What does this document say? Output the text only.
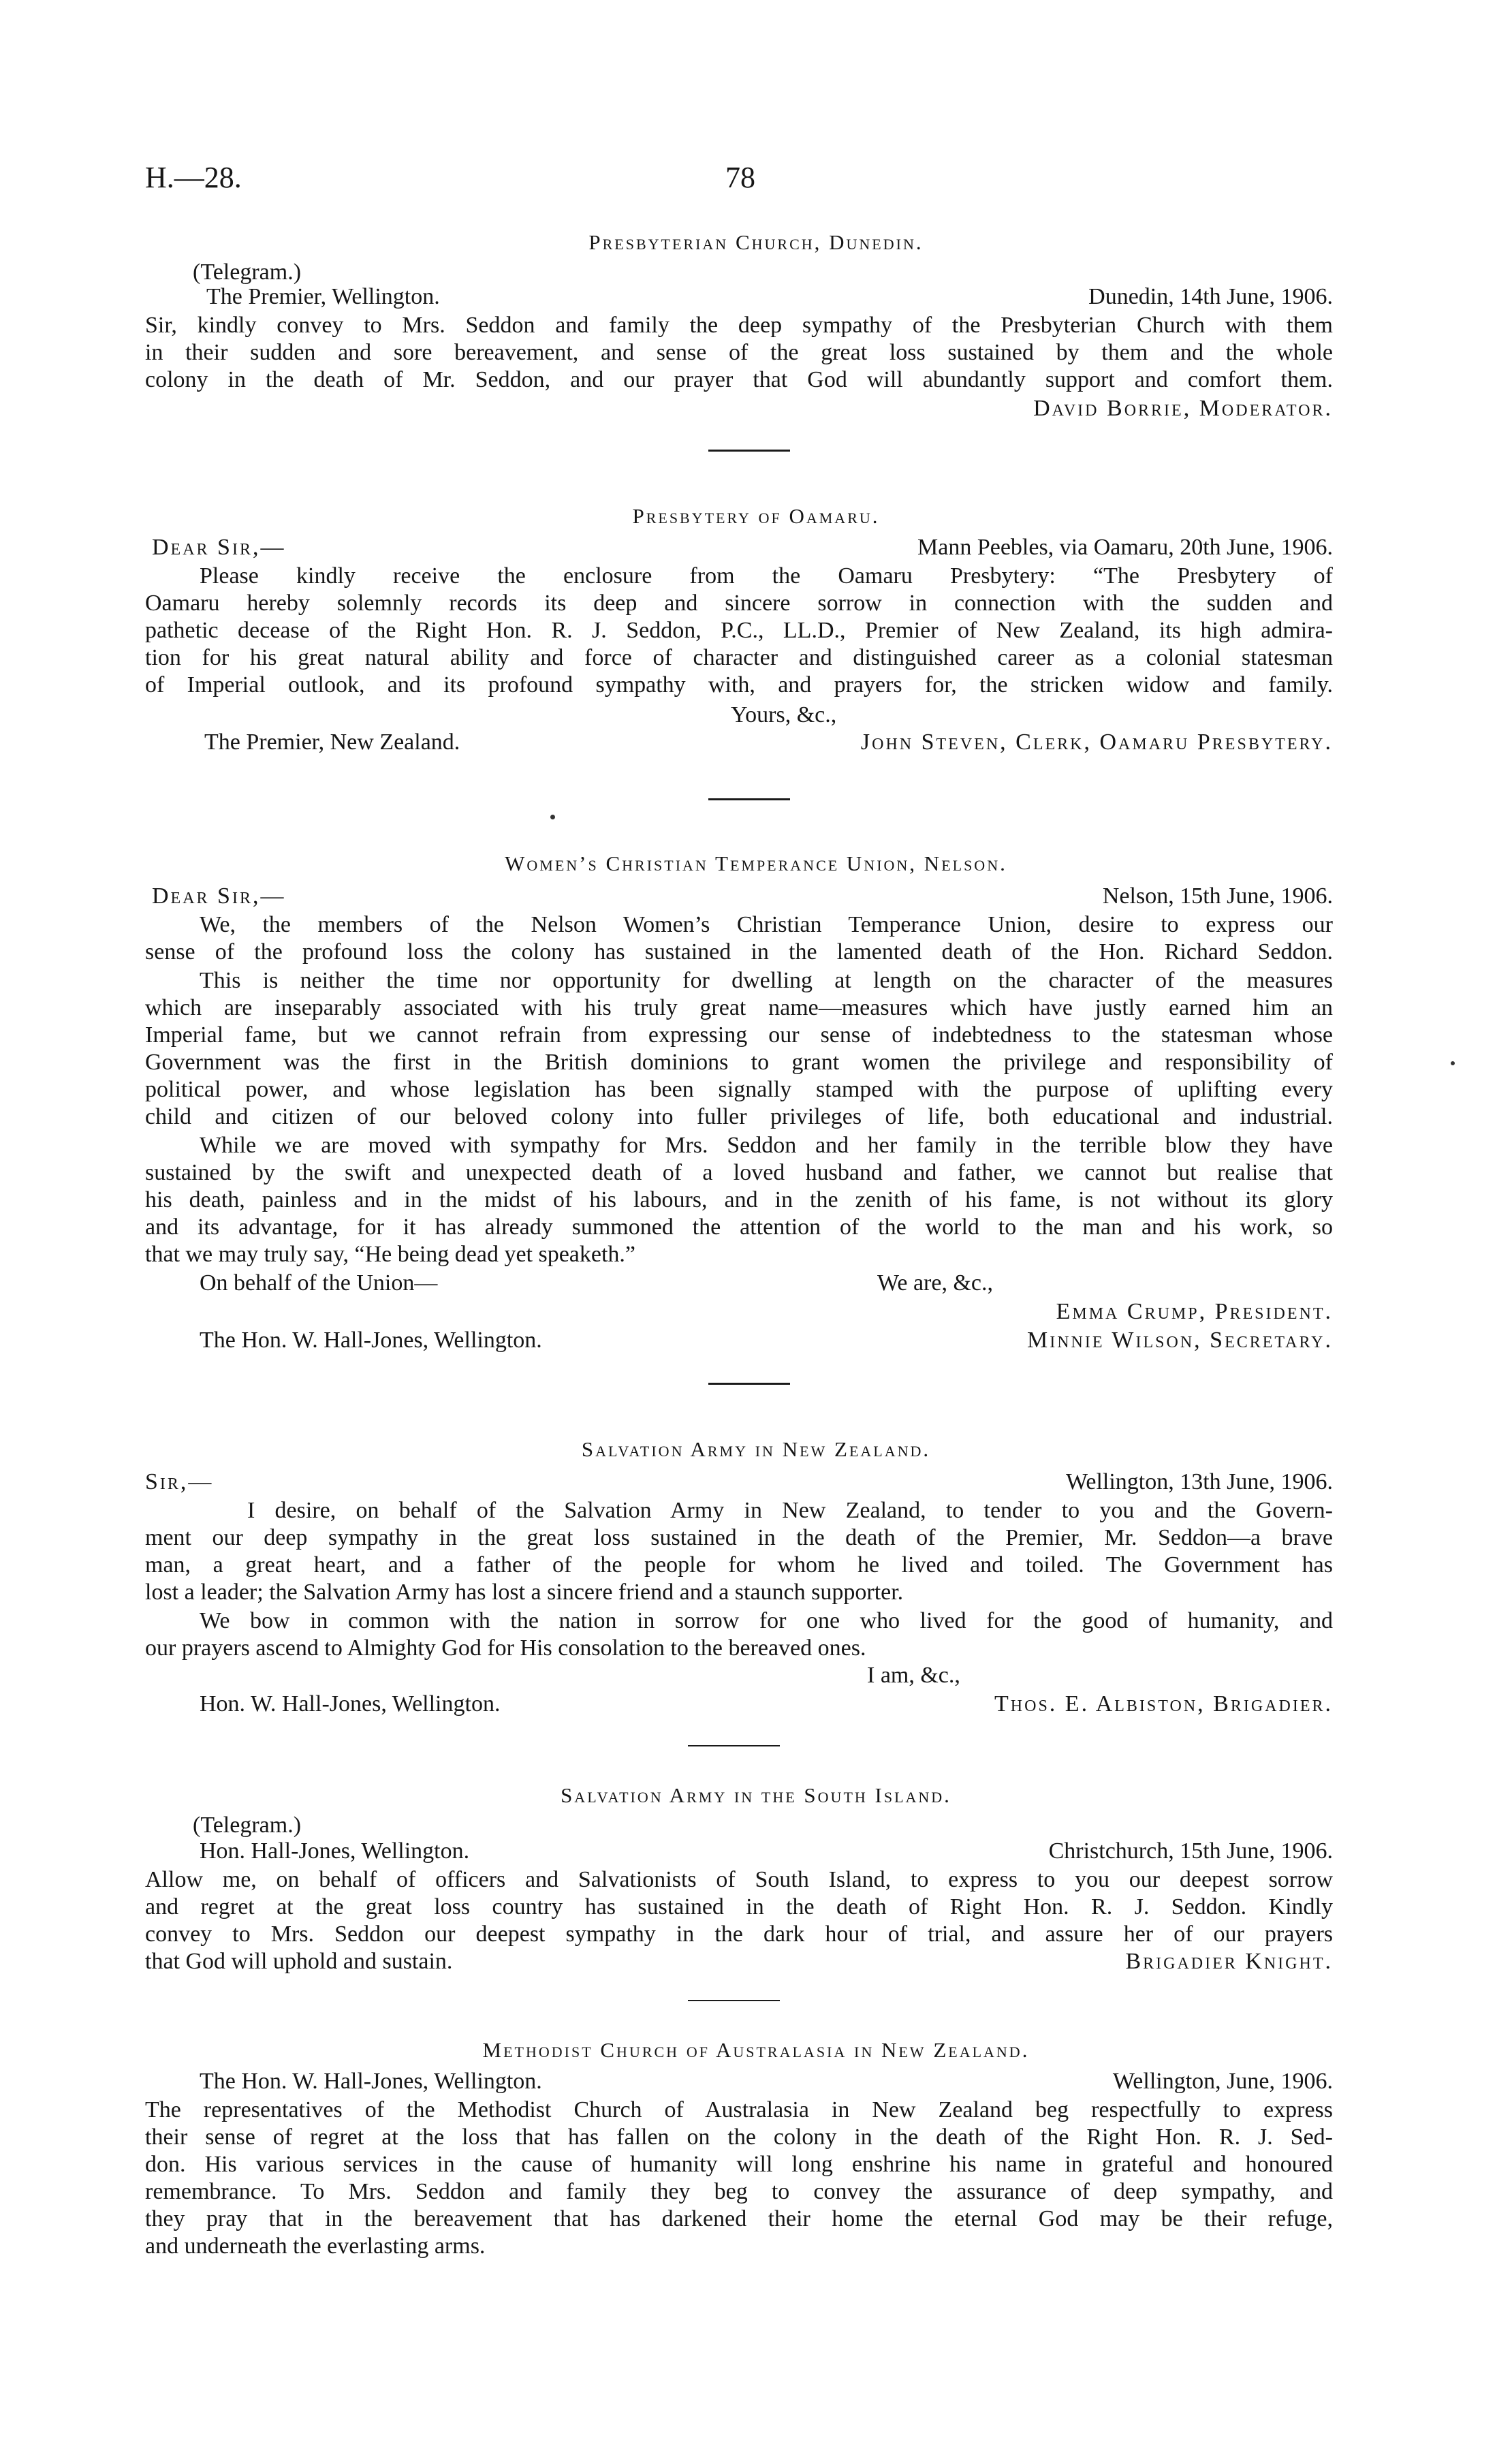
H.—28.	78
Presbyterian Church, Dunedin.
(Telegram.)
The Premier, Wellington.	Dunedin, 14th June, 1906.
Sir, kindly convey to Mrs. Seddon and family the deep sympathy of the Presbyterian Church with them
in their sudden and sore bereavement, and sense of the great loss sustained by them and the whole
colony in the death of Mr. Seddon, and our prayer that God will abundantly support and comfort them.
David Borrie, Moderator.
Presbytery of Oamaru.
Dear Sir,—	Mann Peebles, via Oamaru, 20th June, 1906.
Please kindly receive the enclosure from the Oamaru Presbytery: “The Presbytery of
Oamaru hereby solemnly records its deep and sincere sorrow in connection with the sudden and
pathetic decease of the Right Hon. R. J. Seddon, P.C., LL.D., Premier of New Zealand, its high admira-
tion for his great natural ability and force of character and distinguished career as a colonial statesman
of Imperial outlook, and its profound sympathy with, and prayers for, the stricken widow and family.
Yours, &c.,
The Premier, New Zealand.	John Steven, Clerk, Oamaru Presbytery.
Women’s Christian Temperance Union, Nelson.
Dear Sir,—	Nelson, 15th June, 1906.
We, the members of the Nelson Women’s Christian Temperance Union, desire to express our
sense of the profound loss the colony has sustained in the lamented death of the Hon. Richard Seddon.
This is neither the time nor opportunity for dwelling at length on the character of the measures
which are inseparably associated with his truly great name—measures which have justly earned him an
Imperial fame, but we cannot refrain from expressing our sense of indebtedness to the statesman whose
Government was the first in the British dominions to grant women the privilege and responsibility of
political power, and whose legislation has been signally stamped with the purpose of uplifting every
child and citizen of our beloved colony into fuller privileges of life, both educational and industrial.
While we are moved with sympathy for Mrs. Seddon and her family in the terrible blow they have
sustained by the swift and unexpected death of a loved husband and father, we cannot but realise that
his death, painless and in the midst of his labours, and in the zenith of his fame, is not without its glory
and its advantage, for it has already summoned the attention of the world to the man and his work, so
that we may truly say, “He being dead yet speaketh.”
On behalf of the Union—	We are, &c.,
Emma Crump, President.
The Hon. W. Hall-Jones, Wellington.	Minnie Wilson, Secretary.
Salvation Army in New Zealand.
Sir,—	Wellington, 13th June, 1906.
I desire, on behalf of the Salvation Army in New Zealand, to tender to you and the Govern-
ment our deep sympathy in the great loss sustained in the death of the Premier, Mr. Seddon—a brave
man, a great heart, and a father of the people for whom he lived and toiled. The Government has
lost a leader; the Salvation Army has lost a sincere friend and a staunch supporter.
We bow in common with the nation in sorrow for one who lived for the good of humanity, and
our prayers ascend to Almighty God for His consolation to the bereaved ones.
I am, &c.,
Hon. W. Hall-Jones, Wellington.	Thos. E. Albiston, Brigadier.
Salvation Army in the South Island.
(Telegram.)
Hon. Hall-Jones, Wellington.	Christchurch, 15th June, 1906.
Allow me, on behalf of officers and Salvationists of South Island, to express to you our deepest sorrow
and regret at the great loss country has sustained in the death of Right Hon. R. J. Seddon. Kindly
convey to Mrs. Seddon our deepest sympathy in the dark hour of trial, and assure her of our prayers
that God will uphold and sustain.	Brigadier Knight.
Methodist Church of Australasia in New Zealand.
The Hon. W. Hall-Jones, Wellington.	Wellington, June, 1906.
The representatives of the Methodist Church of Australasia in New Zealand beg respectfully to express
their sense of regret at the loss that has fallen on the colony in the death of the Right Hon. R. J. Sed-
don. His various services in the cause of humanity will long enshrine his name in grateful and honoured
remembrance. To Mrs. Seddon and family they beg to convey the assurance of deep sympathy, and
they pray that in the bereavement that has darkened their home the eternal God may be their refuge,
and underneath the everlasting arms.
